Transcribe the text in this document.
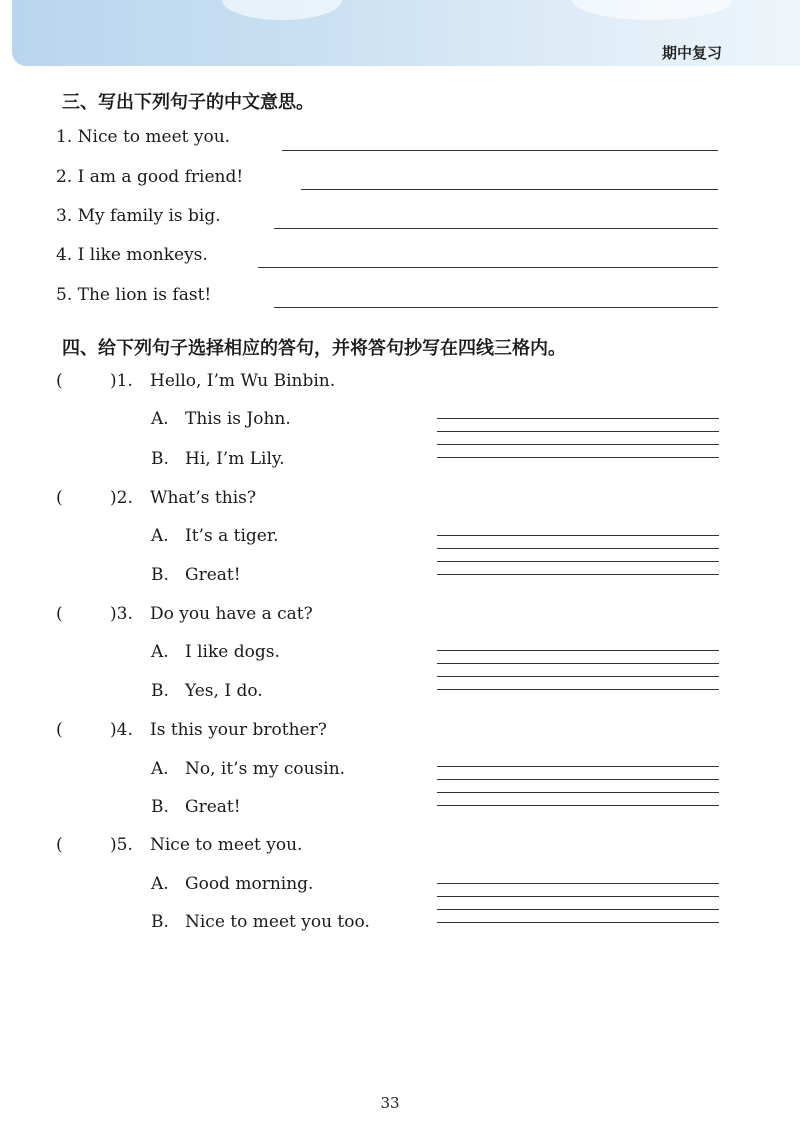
期中复习
三、写出下列句子的中文意思。
1. Nice to meet you.
2. I am a good friend!
3. My family is big.
4. I like monkeys.
5. The lion is fast!
四、给下列句子选择相应的答句，并将答句抄写在四线三格内。
(	)1. Hello, I’m Wu Binbin.
A. This is John.
B. Hi, I’m Lily.
(	)2. What’s this?
A. It’s a tiger.
B. Great!
(	)3. Do you have a cat?
A. I like dogs.
B. Yes, I do.
(	)4. Is this your brother?
A. No, it’s my cousin.
B. Great!
(	)5. Nice to meet you.
A. Good morning.
B. Nice to meet you too.
33
